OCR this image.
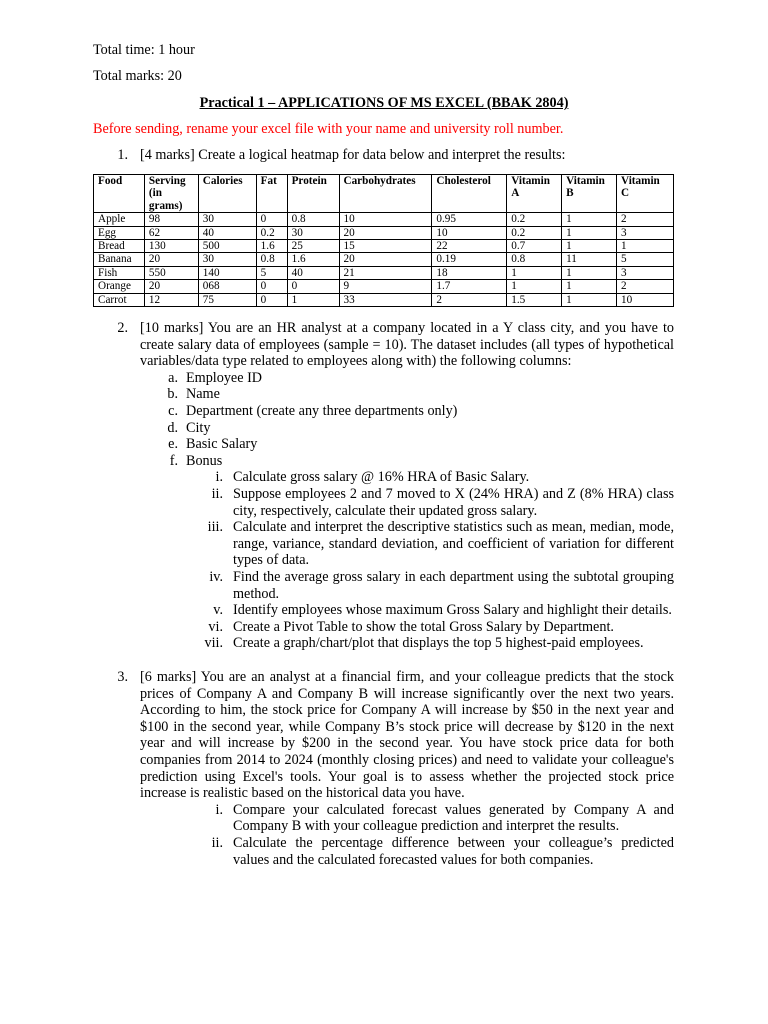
Total time: 1 hour
Total marks: 20
Practical 1 – APPLICATIONS OF MS EXCEL (BBAK 2804)
Before sending, rename your excel file with your name and university roll number.
1. [4 marks] Create a logical heatmap for data below and interpret the results:
Food	Serving (in grams)	Calories	Fat	Protein	Carbohydrates	Cholesterol	Vitamin A	Vitamin B	Vitamin C
Apple	98	30	0	0.8	10	0.95	0.2	1	2
Egg	62	40	0.2	30	20	10	0.2	1	3
Bread	130	500	1.6	25	15	22	0.7	1	1
Banana	20	30	0.8	1.6	20	0.19	0.8	11	5
Fish	550	140	5	40	21	18	1	1	3
Orange	20	068	0	0	9	1.7	1	1	2
Carrot	12	75	0	1	33	2	1.5	1	10
2. [10 marks] You are an HR analyst at a company located in a Y class city, and you have to create salary data of employees (sample = 10). The dataset includes (all types of hypothetical variables/data type related to employees along with) the following columns:
a. Employee ID
b. Name
c. Department (create any three departments only)
d. City
e. Basic Salary
f. Bonus
i. Calculate gross salary @ 16% HRA of Basic Salary.
ii. Suppose employees 2 and 7 moved to X (24% HRA) and Z (8% HRA) class city, respectively, calculate their updated gross salary.
iii. Calculate and interpret the descriptive statistics such as mean, median, mode, range, variance, standard deviation, and coefficient of variation for different types of data.
iv. Find the average gross salary in each department using the subtotal grouping method.
v. Identify employees whose maximum Gross Salary and highlight their details.
vi. Create a Pivot Table to show the total Gross Salary by Department.
vii. Create a graph/chart/plot that displays the top 5 highest-paid employees.
3. [6 marks] You are an analyst at a financial firm, and your colleague predicts that the stock prices of Company A and Company B will increase significantly over the next two years. According to him, the stock price for Company A will increase by $50 in the next year and $100 in the second year, while Company B’s stock price will decrease by $120 in the next year and will increase by $200 in the second year. You have stock price data for both companies from 2014 to 2024 (monthly closing prices) and need to validate your colleague's prediction using Excel's tools. Your goal is to assess whether the projected stock price increase is realistic based on the historical data you have.
i. Compare your calculated forecast values generated by Company A and Company B with your colleague prediction and interpret the results.
ii. Calculate the percentage difference between your colleague’s predicted values and the calculated forecasted values for both companies.
